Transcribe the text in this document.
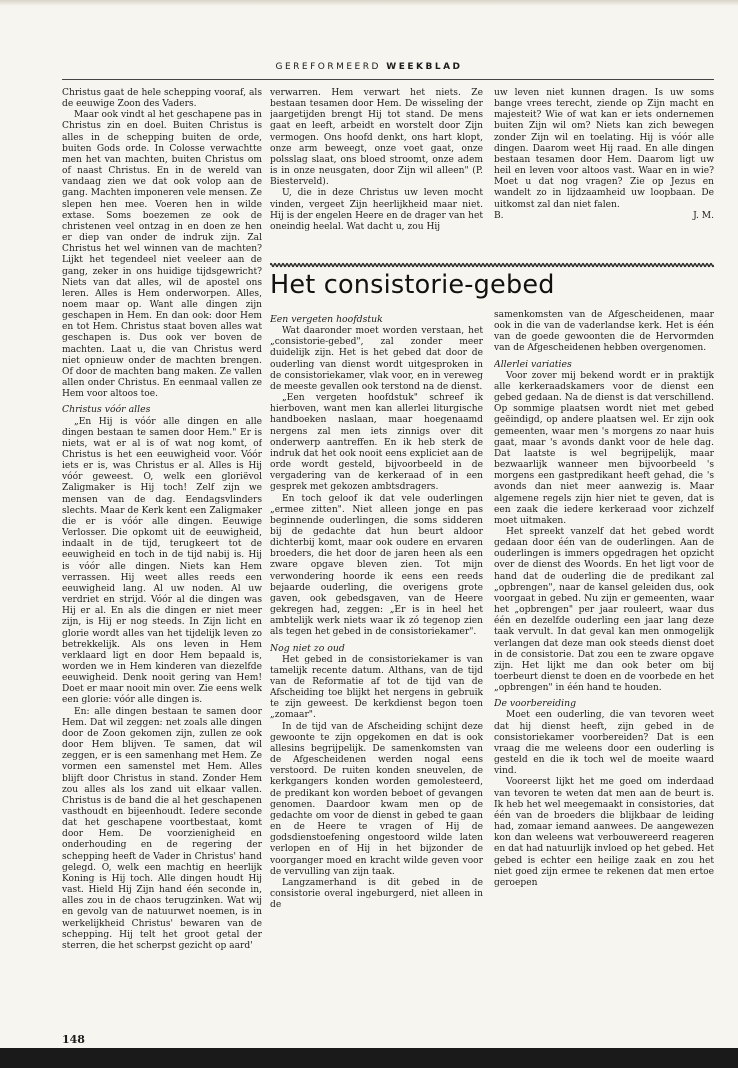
GEREFORMEERD WEEKBLAD

Christus gaat de hele schepping vooraf, als de eeuwige Zoon des Vaders.

Maar ook vindt al het geschapene pas in Christus zin en doel. Buiten Christus is alles in de schepping buiten de orde, buiten Gods orde. In Colosse verwachtte men het van machten, buiten Christus om of naast Christus. En in de wereld van vandaag zien we dat ook volop aan de gang. Machten imponeren vele mensen. Ze slepen hen mee. Voeren hen in wilde extase. Soms boezemen ze ook de christenen veel ontzag in en doen ze hen er diep van onder de indruk zijn. Zal Christus het wel winnen van de machten? Lijkt het tegendeel niet veeleer aan de gang, zeker in ons huidige tijdsgewricht? Niets van dat alles, wil de apostel ons leren. Alles is Hem onderworpen. Alles, noem maar op. Want alle dingen zijn geschapen in Hem. En dan ook: door Hem en tot Hem. Christus staat boven alles wat geschapen is. Dus ook ver boven de machten. Laat u, die van Christus werd niet opnieuw onder de machten brengen. Of door de machten bang maken. Ze vallen allen onder Christus. En eenmaal vallen ze Hem voor altoos toe.

Christus vóór alles

„En Hij is vóór alle dingen en alle dingen bestaan te samen door Hem." Er is niets, wat er al is of wat nog komt, of Christus is het een eeuwigheid voor. Vóór iets er is, was Christus er al. Alles is Hij vóór geweest. O, welk een gloriëvol Zaligmaker is Hij toch! Zelf zijn we mensen van de dag. Eendagsvlinders slechts. Maar de Kerk kent een Zaligmaker die er is vóór alle dingen. Eeuwige Verlosser. Die opkomt uit de eeuwigheid, indaalt in de tijd, terugkeert tot de eeuwigheid en toch in de tijd nabij is. Hij is vóór alle dingen. Niets kan Hem verrassen. Hij weet alles reeds een eeuwigheid lang. Al uw noden. Al uw verdriet en strijd. Vóór al die dingen was Hij er al. En als die dingen er niet meer zijn, is Hij er nog steeds. In Zijn licht en glorie wordt alles van het tijdelijk leven zo betrekkelijk. Als ons leven in Hem verklaard ligt en door Hem bepaald is, worden we in Hem kinderen van diezelfde eeuwigheid. Denk nooit gering van Hem! Doet er maar nooit min over. Zie eens welk een glorie: vóór alle dingen is.

En: alle dingen bestaan te samen door Hem. Dat wil zeggen: net zoals alle dingen door de Zoon gekomen zijn, zullen ze ook door Hem blijven. Te samen, dat wil zeggen, er is een samenhang met Hem. Ze vormen een samenstel met Hem. Alles blijft door Christus in stand. Zonder Hem zou alles als los zand uit elkaar vallen. Christus is de band die al het geschapenen vasthoudt en bijeenhoudt. Iedere seconde dat het geschapene voortbestaat, komt door Hem. De voorzienigheid en onderhouding en de regering der schepping heeft de Vader in Christus' hand gelegd. O, welk een machtig en heerlijk Koning is Hij toch. Alle dingen houdt Hij vast. Hield Hij Zijn hand één seconde in, alles zou in de chaos terugzinken. Wat wij en gevolg van de natuurwet noemen, is in werkelijkheid Christus' bewaren van de schepping. Hij telt het groot getal der sterren, die het scherpst gezicht op aard'

verwarren. Hem verwart het niets. Ze bestaan tesamen door Hem. De wisseling der jaargetijden brengt Hij tot stand. De mens gaat en leeft, arbeidt en worstelt door Zijn vermogen. Ons hoofd denkt, ons hart klopt, onze arm beweegt, onze voet gaat, onze polsslag slaat, ons bloed stroomt, onze adem is in onze neusgaten, door Zijn wil alleen" (P. Biesterveld).

U, die in deze Christus uw leven mocht vinden, vergeet Zijn heerlijkheid maar niet. Hij is der engelen Heere en de drager van het oneindig heelal. Wat dacht u, zou Hij

uw leven niet kunnen dragen. Is uw soms bange vrees terecht, ziende op Zijn macht en majesteit? Wie of wat kan er iets ondernemen buiten Zijn wil om? Niets kan zich bewegen zonder Zijn wil en toelating. Hij is vóór alle dingen. Daarom weet Hij raad. En alle dingen bestaan tesamen door Hem. Daarom ligt uw heil en leven voor altoos vast. Waar en in wie? Moet u dat nog vragen? Zie op Jezus en wandelt zo in lijdzaamheid uw loopbaan. De uitkomst zal dan niet falen.

B.	J. M.
Het consistorie-gebed
Een vergeten hoofdstuk

Wat daaronder moet worden verstaan, het „consistorie-gebed", zal zonder meer duidelijk zijn. Het is het gebed dat door de ouderling van dienst wordt uitgesproken in de consistoriekamer, vlak voor, en in vereweg de meeste gevallen ook terstond na de dienst.

„Een vergeten hoofdstuk" schreef ik hierboven, want men kan allerlei liturgische handboeken naslaan, maar hoegenaamd nergens zal men iets zinnigs over dit onderwerp aantreffen. En ik heb sterk de indruk dat het ook nooit eens expliciet aan de orde wordt gesteld, bijvoorbeeld in de vergadering van de kerkeraad of in een gesprek met gekozen ambtsdragers.

En toch geloof ik dat vele ouderlingen „ermee zitten". Niet alleen jonge en pas beginnende ouderlingen, die soms sidderen bij de gedachte dat hun beurt aldoor dichterbij komt, maar ook oudere en ervaren broeders, die het door de jaren heen als een zware opgave bleven zien. Tot mijn verwondering hoorde ik eens een reeds bejaarde ouderling, die overigens grote gaven, ook gebedsgaven, van de Heere gekregen had, zeggen: „Er is in heel het ambtelijk werk niets waar ik zó tegenop zien als tegen het gebed in de consistoriekamer".

Nog niet zo oud

Het gebed in de consistoriekamer is van tamelijk recente datum. Althans, van de tijd van de Reformatie af tot de tijd van de Afscheiding toe blijkt het nergens in gebruik te zijn geweest. De kerkdienst begon toen „zomaar".

In de tijd van de Afscheiding schijnt deze gewoonte te zijn opgekomen en dat is ook allesins begrijpelijk. De samenkomsten van de Afgescheidenen werden nogal eens verstoord. De ruiten konden sneuvelen, de kerkgangers konden worden gemolesteerd, de predikant kon worden beboet of gevangen genomen. Daardoor kwam men op de gedachte om voor de dienst in gebed te gaan en de Heere te vragen of Hij de godsdienstoefening ongestoord wilde laten verlopen en of Hij in het bijzonder de voorganger moed en kracht wilde geven voor de vervulling van zijn taak.

Langzamerhand is dit gebed in de consistorie overal ingeburgerd, niet alleen in de

samenkomsten van de Afgescheidenen, maar ook in die van de vaderlandse kerk. Het is één van de goede gewoonten die de Hervormden van de Afgescheidenen hebben overgenomen.

Allerlei variaties

Voor zover mij bekend wordt er in praktijk alle kerkeraadskamers voor de dienst een gebed gedaan. Na de dienst is dat verschillend. Op sommige plaatsen wordt niet met gebed geëindigd, op andere plaatsen wel. Er zijn ook gemeenten, waar men 's morgens zo naar huis gaat, maar 's avonds dankt voor de hele dag. Dat laatste is wel begrijpelijk, maar bezwaarlijk wanneer men bijvoorbeeld 's morgens een gastpredikant heeft gehad, die 's avonds dan niet meer aanwezig is. Maar algemene regels zijn hier niet te geven, dat is een zaak die iedere kerkeraad voor zichzelf moet uitmaken.

Het spreekt vanzelf dat het gebed wordt gedaan door één van de ouderlingen. Aan de ouderlingen is immers opgedragen het opzicht over de dienst des Woords. En het ligt voor de hand dat de ouderling die de predikant zal „opbrengen", naar de kansel geleiden dus, ook voorgaat in gebed. Nu zijn er gemeenten, waar het „opbrengen" per jaar rouleert, waar dus één en dezelfde ouderling een jaar lang deze taak vervult. In dat geval kan men onmogelijk verlangen dat deze man ook steeds dienst doet in de consistorie. Dat zou een te zware opgave zijn. Het lijkt me dan ook beter om bij toerbeurt dienst te doen en de voorbede en het „opbrengen" in één hand te houden.

De voorbereiding

Moet een ouderling, die van tevoren weet dat hij dienst heeft, zijn gebed in de consistoriekamer voorbereiden? Dat is een vraag die me weleens door een ouderling is gesteld en die ik toch wel de moeite waard vind.

Vooreerst lijkt het me goed om inderdaad van tevoren te weten dat men aan de beurt is. Ik heb het wel meegemaakt in consistories, dat één van de broeders die blijkbaar de leiding had, zomaar iemand aanwees. De aangewezen kon dan weleens wat verbouwereerd reageren en dat had natuurlijk invloed op het gebed. Het gebed is echter een heilige zaak en zou het niet goed zijn ermee te rekenen dat men ertoe geroepen

148
